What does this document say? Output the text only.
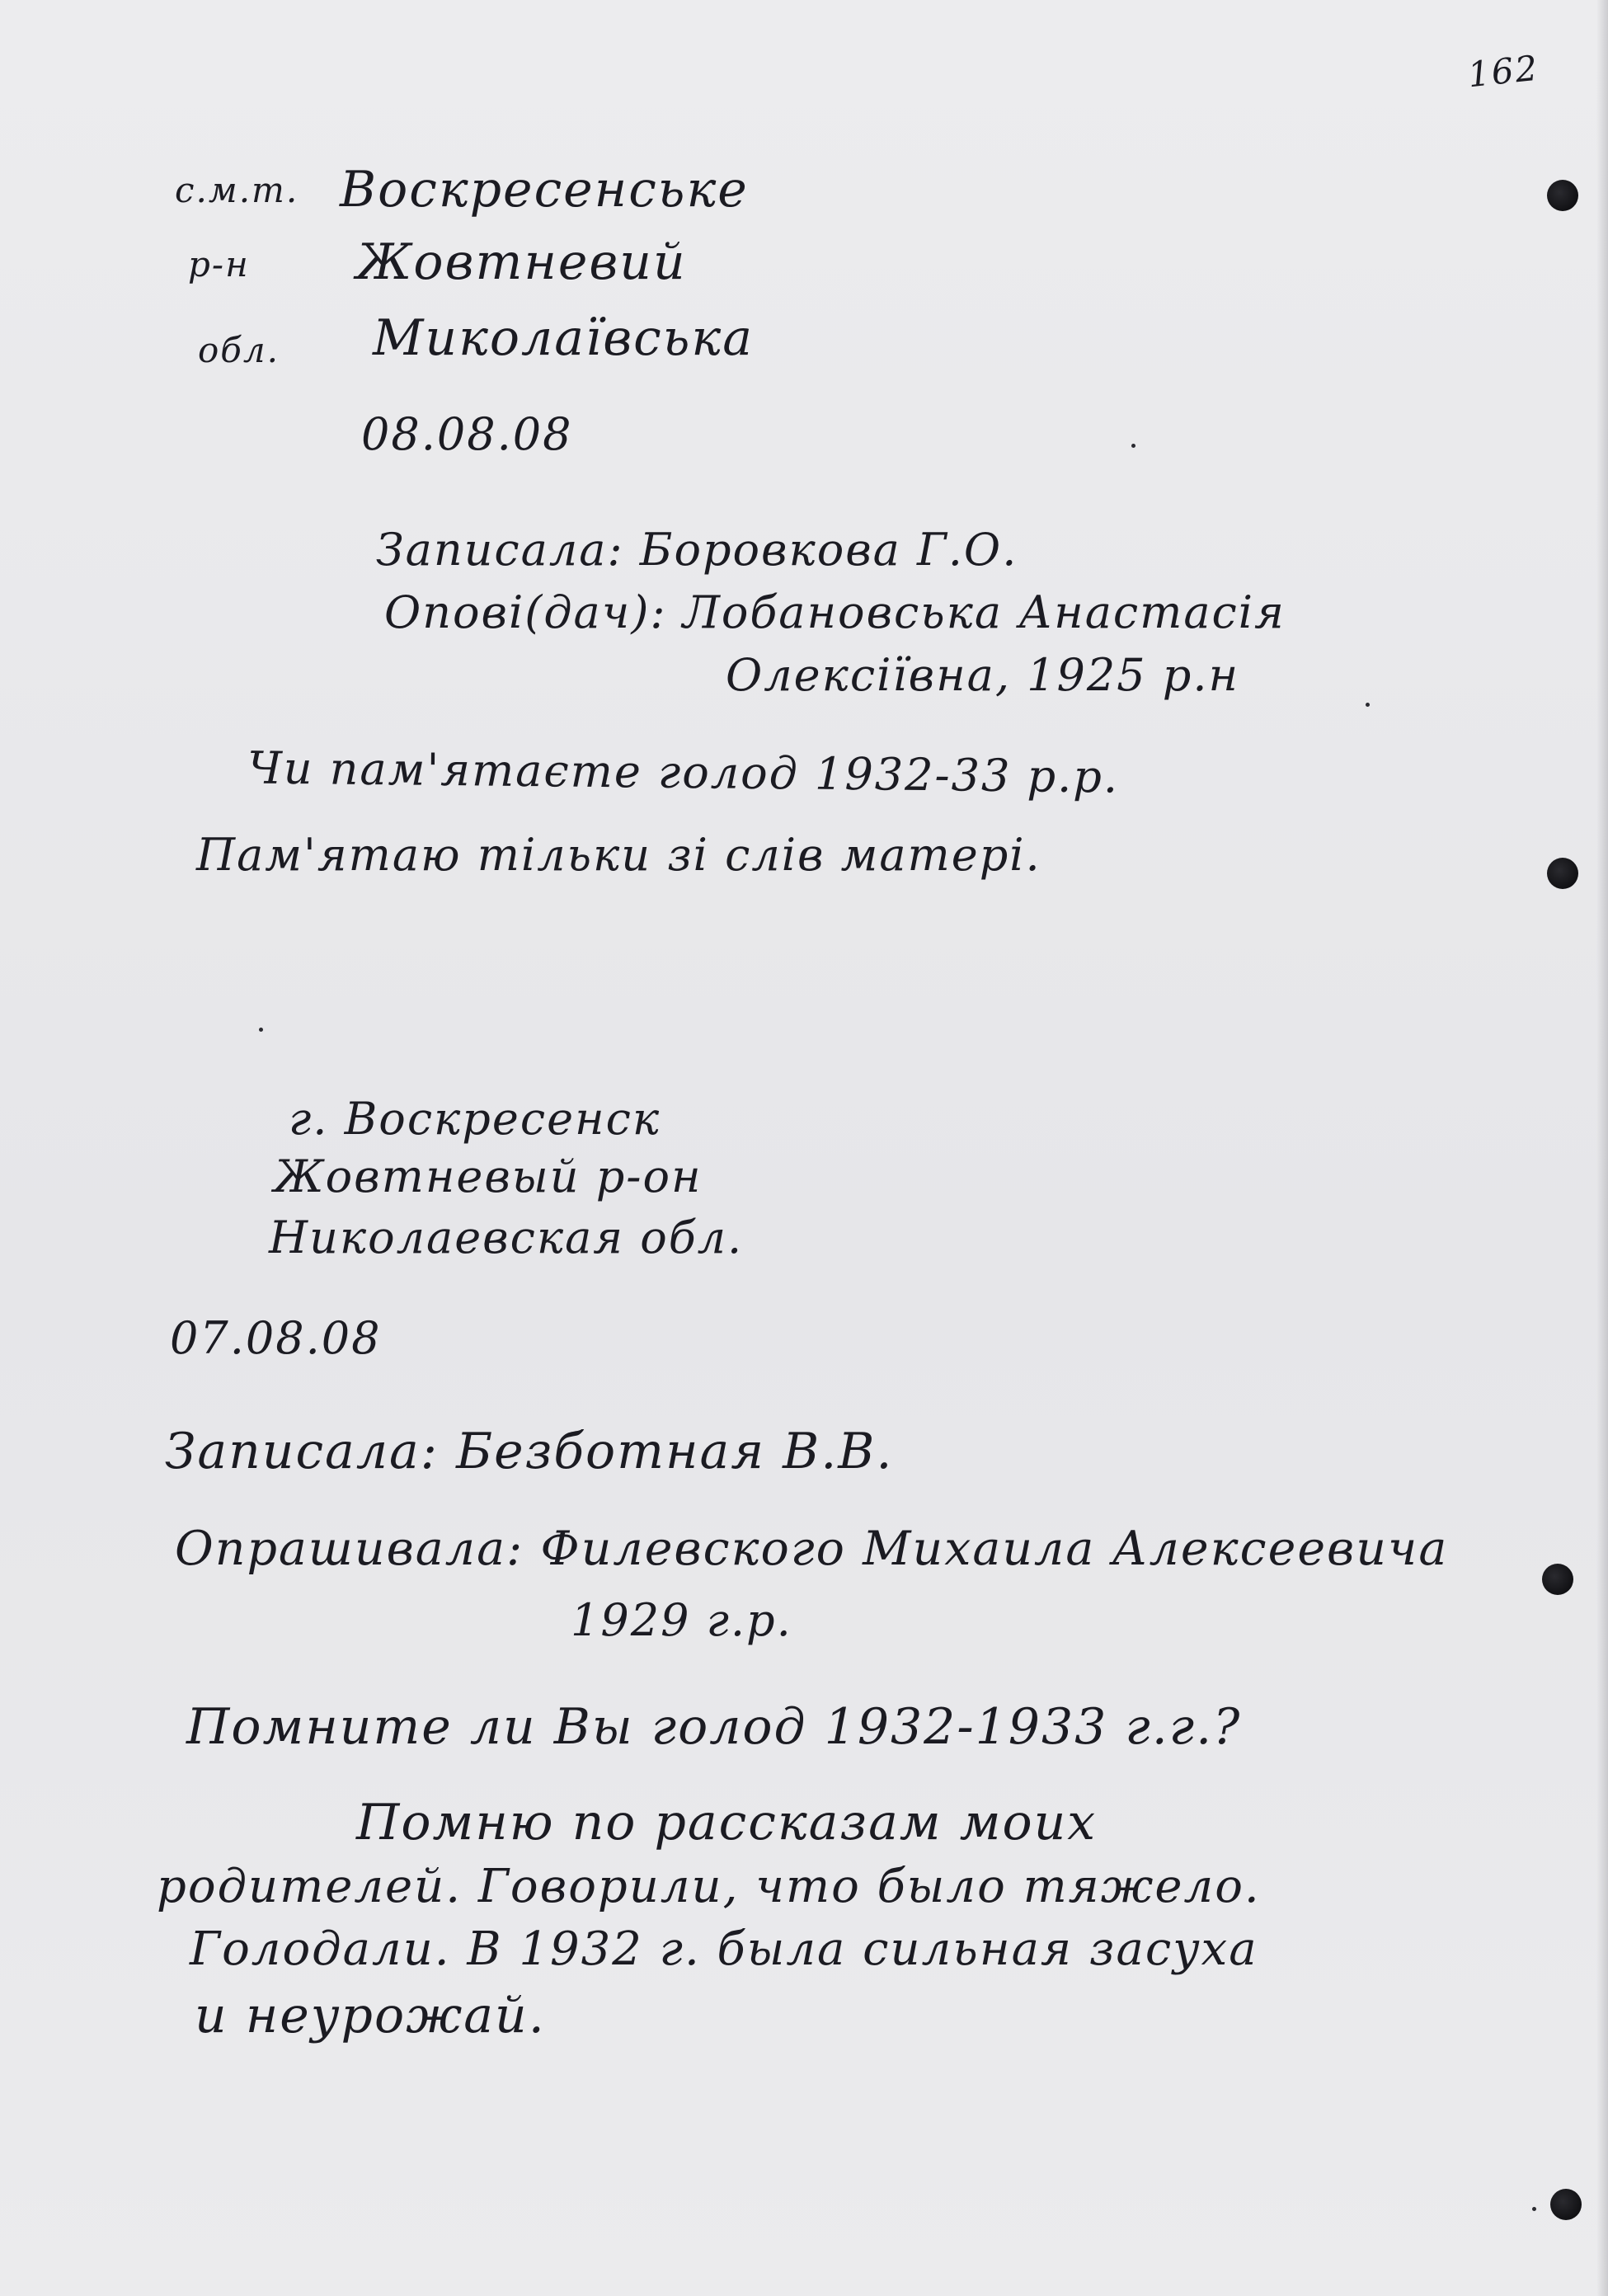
162
с.м.т. Воскресенське
р-н Жовтневий
обл. Миколаївська
08.08.08
Записала: Боровкова Г.О.
Опові(дач): Лобановська Анастасія
Олексіївна, 1925 р.н
Чи пам'ятаєте голод 1932-33 р.р.
Пам'ятаю тільки зі слів матері.
г. Воскресенск
Жовтневый р-он
Николаевская обл.
07.08.08
Записала: Безботная В.В.
Опрашивала: Филевского Михаила Алексеевича
1929 г.р.
Помните ли Вы голод 1932-1933 г.г.?
Помню по рассказам моих
родителей. Говорили, что было тяжело.
Голодали. В 1932 г. была сильная засуха
и неурожай.
